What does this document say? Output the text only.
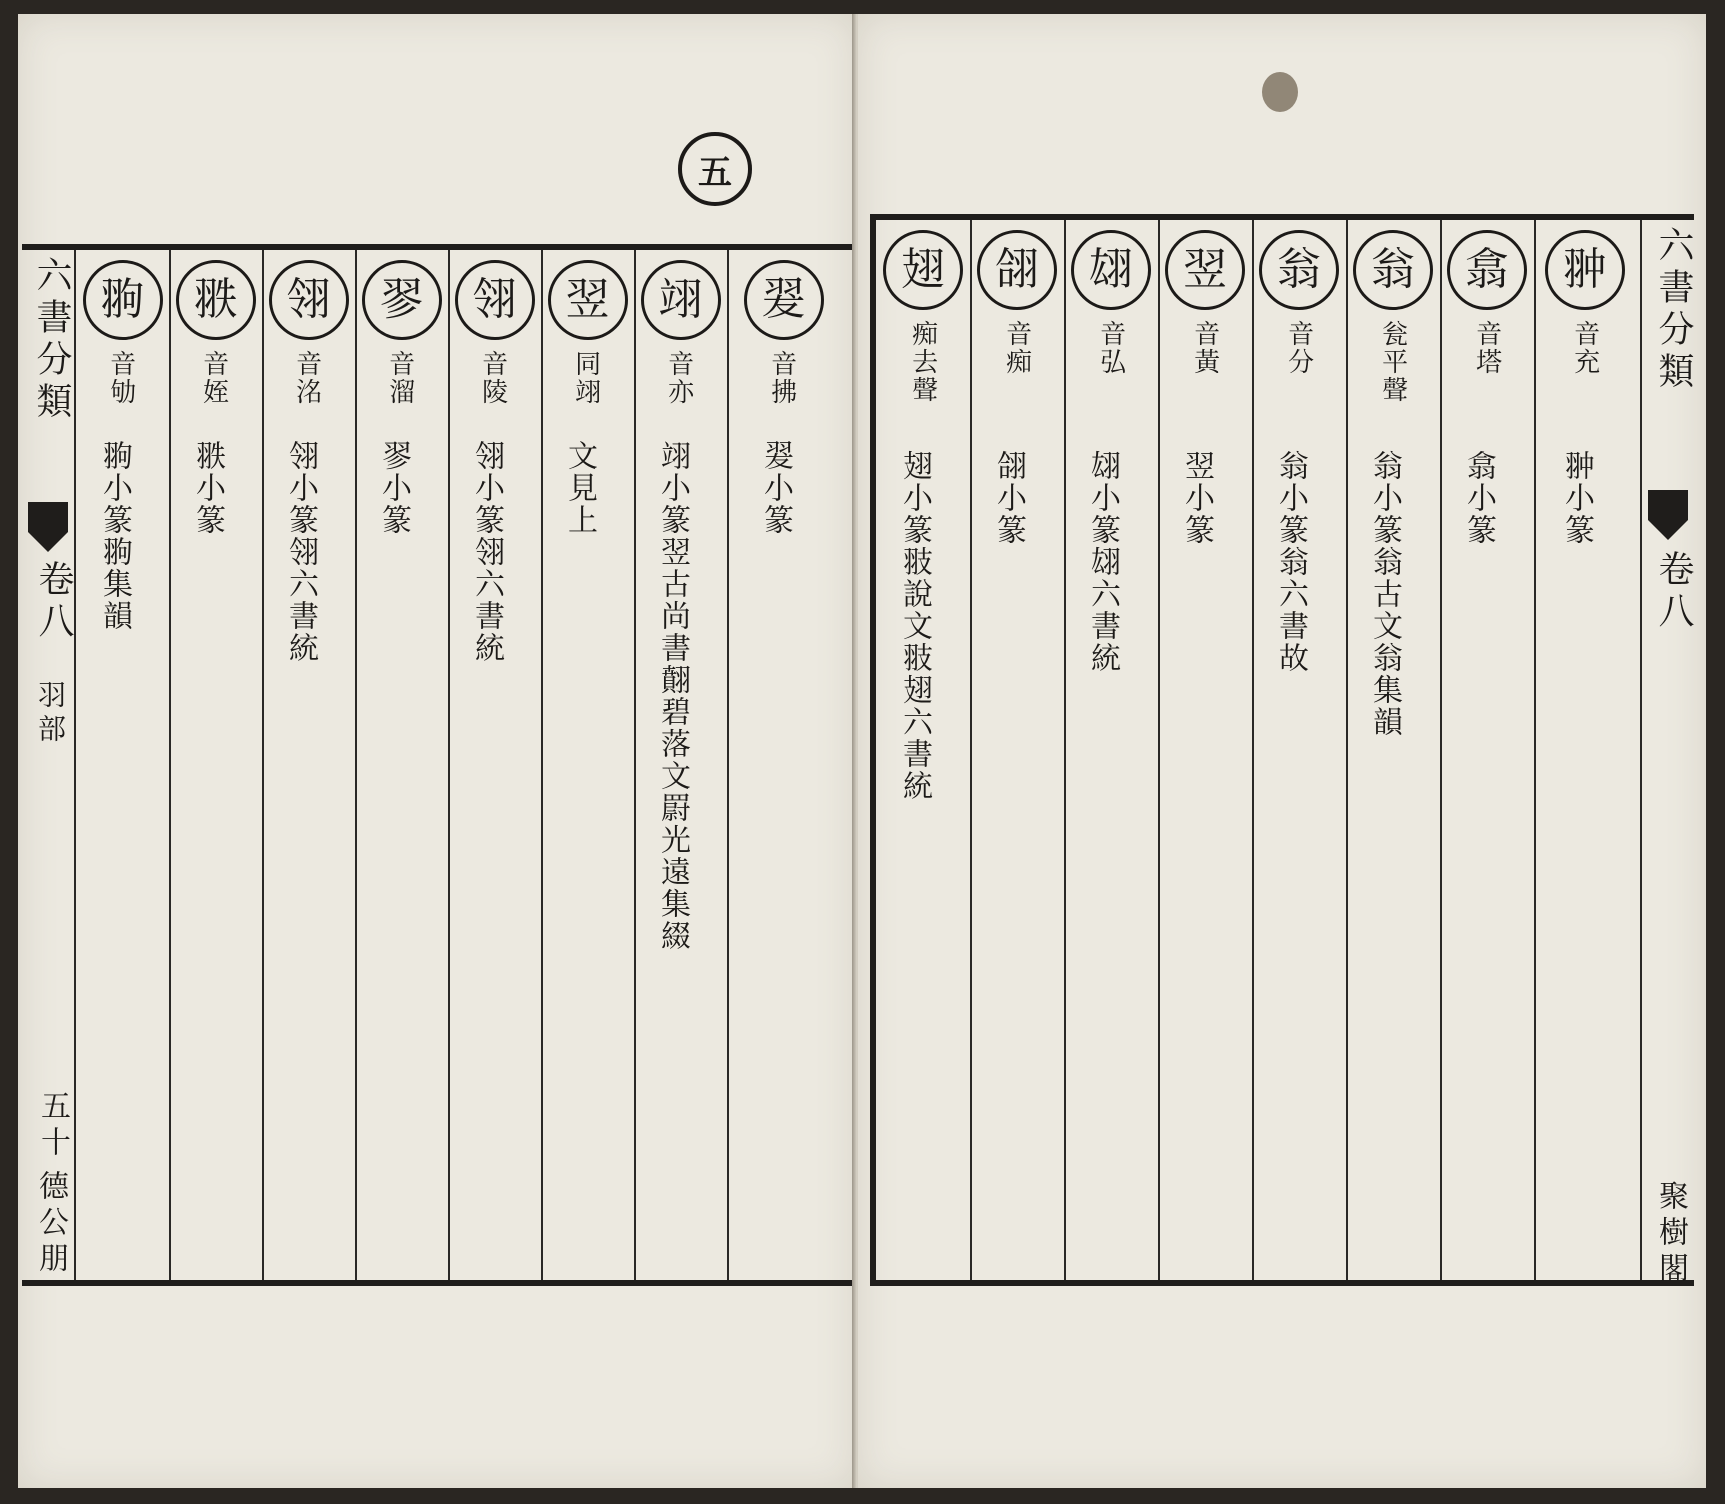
五
六書分類
卷八
羽部
五十
德公朋
翑
音劬
翑小篆翑集韻
翐
音姪
翐小篆
翎
音洺
翎小篆翎六書統
翏
音溜
翏小篆
翎
音陵
翎小篆翎六書統
翌
同翊
文見上
翊
音亦
翊小篆翌古尚書翸碧落文罻光遠集綴
翇
音拂
翇小篆
翅
痴去聲
翅小篆翄說文翄翅六書統
翖
音痴
翖小篆
翃
音弘
翃小篆翃六書統
翌
音黃
翌小篆
翁
音分
翁小篆翁六書故
翁
瓮平聲
翁小篆翁古文翁集韻
翕
音塔
翕小篆
翀
音充
翀小篆
六書分類
卷八
聚樹閣
